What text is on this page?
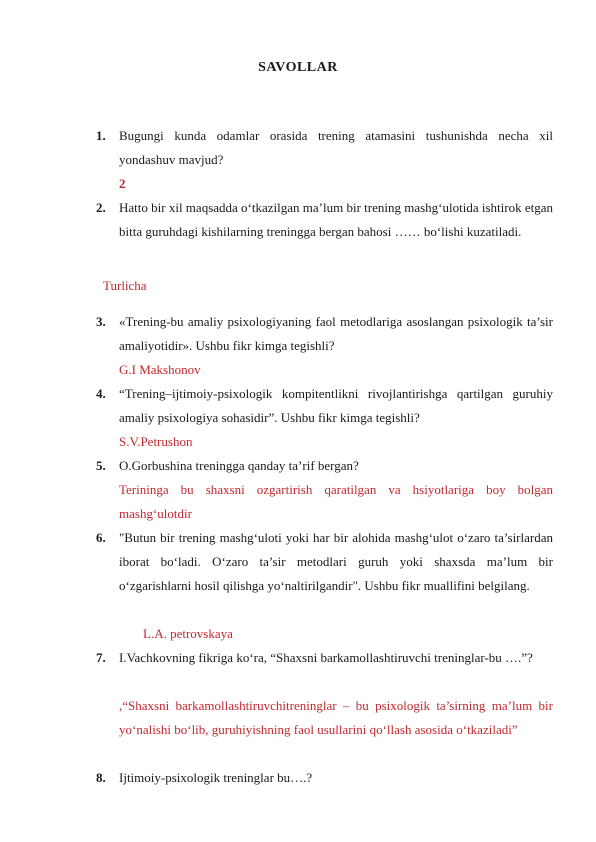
SAVOLLAR
1.	Bugungi kunda odamlar orasida trening atamasini tushunishda necha xil yondashuv mavjud?
2
2.	Hatto bir xil maqsadda o‘tkazilgan ma’lum bir trening mashg‘ulotida ishtirok etgan bitta guruhdagi kishilarning treningga bergan bahosi …… bo‘lishi kuzatiladi.
Turlicha
3.	«Trening-bu amaliy psixologiyaning faol metodlariga asoslangan psixologik ta’sir amaliyotidir». Ushbu fikr kimga tegishli?
G.I Makshonov
4.	“Trening–ijtimoiy-psixologik kompitentlikni rivojlantirishga qartilgan guruhiy amaliy psixologiya sohasidir”. Ushbu fikr kimga tegishli?
S.V.Petrushon
5.	O.Gorbushina treningga qanday ta’rif bergan?
Terininga bu shaxsni ozgartirish qaratilgan va hsiyotlariga boy bolgan mashg‘ulotdir
6.	"Butun bir trening mashg‘uloti yoki har bir alohida mashg‘ulot o‘zaro ta’sirlardan iborat bo‘ladi. O‘zaro ta’sir metodlari guruh yoki shaxsda ma’lum bir o‘zgarishlarni hosil qilishga yo‘naltirilgandir". Ushbu fikr muallifini belgilang.
L.A. petrovskaya
7.	I.Vachkovning fikriga ko‘ra, “Shaxsni barkamollashtiruvchi treninglar-bu ….”?
,“Shaxsni barkamollashtiruvchitreninglar – bu psixologik ta’sirning ma’lum bir yo‘nalishi bo‘lib, guruhiyishning faol usullarini qo‘llash asosida o‘tkaziladi”
8.	Ijtimoiy-psixologik treninglar bu….?
